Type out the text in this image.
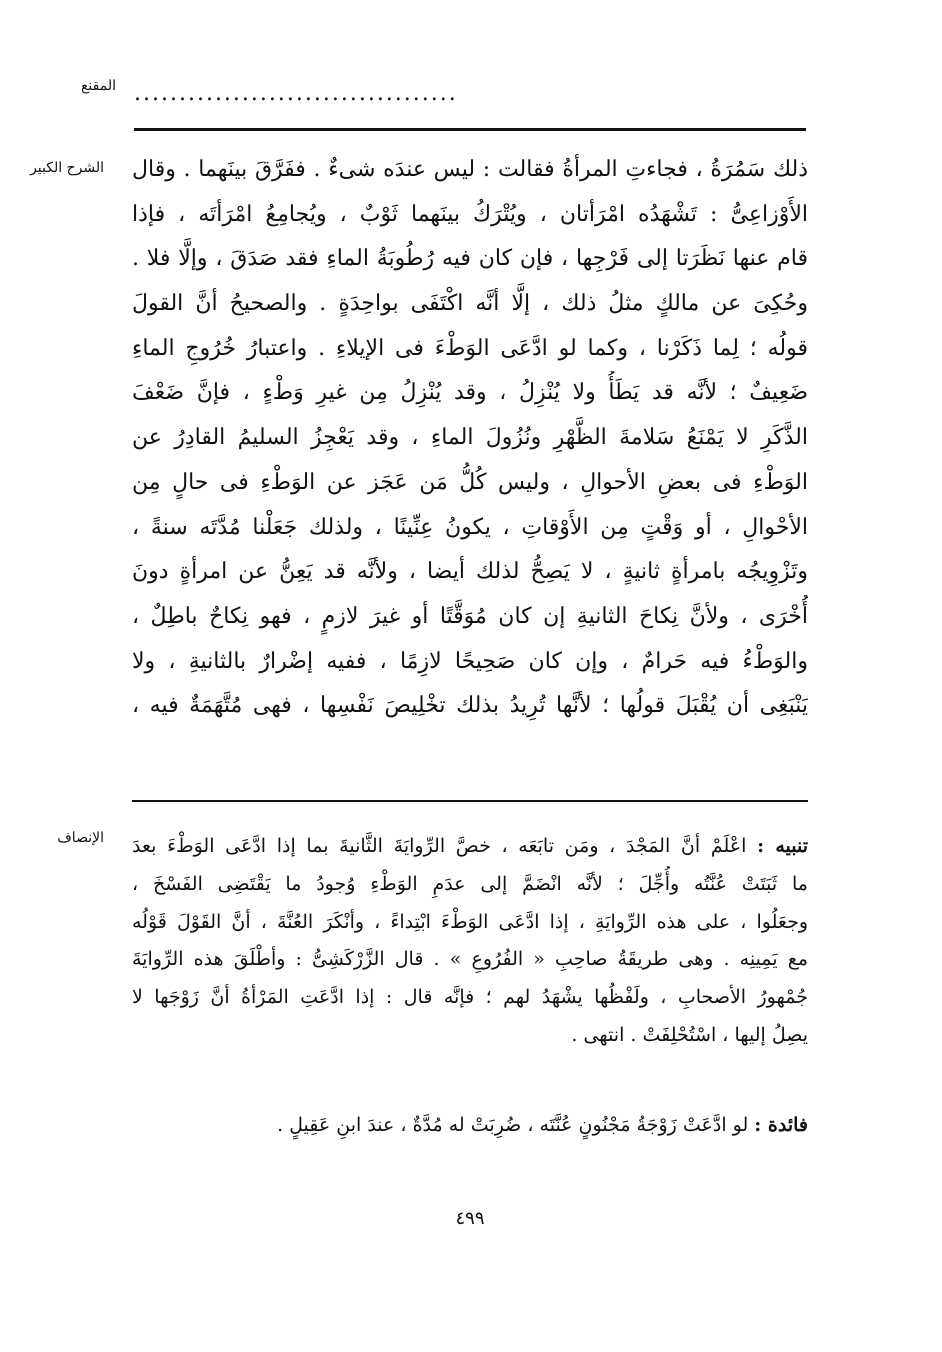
المقنع ....................................
الشرح الكبير
الإنصاف
ذلك سَمُرَةُ ، فجاءتِ المرأةُ فقالت : ليس عندَه شىءٌ . ففَرَّقَ بينَهما . وقال
الأَوْزاعِىُّ : تَشْهَدُه امْرَأتان ، ويُتْرَكُ بينَهما ثَوْبٌ ، ويُجامِعُ امْرَأتَه ، فإذا
قام عنها نَظَرَتا إلى فَرْجِها ، فإن كان فيه رُطُوبَةُ الماءِ فقد صَدَقَ ، وإلَّا فلا .
وحُكِىَ عن مالكٍ مثلُ ذلك ، إلَّا أنَّه اكْتَفَى بواحِدَةٍ . والصحيحُ أنَّ القولَ
قولُه ؛ لِما ذَكَرْنا ، وكما لو ادَّعَى الوَطْءَ فى الإيلاءِ . واعتبارُ خُرُوجِ الماءِ
ضَعِيفٌ ؛ لأنَّه قد يَطَأُ ولا يُنْزِلُ ، وقد يُنْزِلُ مِن غيرِ وَطْءٍ ، فإنَّ ضَعْفَ
الذَّكَرِ لا يَمْنَعُ سَلامةَ الظَّهْرِ ونُزُولَ الماءِ ، وقد يَعْجِزُ السليمُ القادِرُ عن
الوَطْءِ فى بعضِ الأحوالِ ، وليس كُلُّ مَن عَجَز عن الوَطْءِ فى حالٍ مِن
الأحْوالِ ، أو وَقْتٍ مِن الأَوْقاتِ ، يكونُ عِنِّينًا ، ولذلك جَعَلْنا مُدَّتَه سنةً ،
وتَزْوِيجُه بامرأةٍ ثانيةٍ ، لا يَصِحُّ لذلك أيضا ، ولأنَّه قد يَعِنُّ عن امرأةٍ دونَ
أُخْرَى ، ولأنَّ نِكاحَ الثانيةِ إن كان مُوَقَّتًا أو غيرَ لازمٍ ، فهو نِكاحٌ باطِلٌ ،
والوَطْءُ فيه حَرامٌ ، وإن كان صَحِيحًا لازِمًا ، ففيه إضْرارٌ بالثانيةِ ، ولا
يَنْبَغِى أن يُقْبَلَ قولُها ؛ لأنَّها تُرِيدُ بذلك تخْلِيصَ نَفْسِها ، فهى مُتَّهَمَةٌ فيه ،
تنبيه : اعْلَمْ أنَّ المَجْدَ ، ومَن تابَعَه ، خصَّ الرِّوايَةَ الثَّانيةَ بما إذا ادَّعَى الوَطْءَ بعدَ
ما ثَبَتَتْ عُنَّتُه وأُجِّلَ ؛ لأنَّه انْضَمَّ إلى عدَمِ الوَطْءِ وُجودُ ما يَقْتَضِى الفَسْخَ ،
وجعَلُوا ، على هذه الرِّوايَةِ ، إذا ادَّعَى الوَطْءَ ابْتِداءً ، وأنْكَرَ العُنَّةَ ، أنَّ القَوْلَ قَوْلُه
مع يَمِينِه . وهى طريقَةُ صاحِبِ « الفُرُوعِ » . قال الزَّرْكَشِىُّ : وأطْلَقَ هذه الرِّوايَةَ
جُمْهورُ الأصحابِ ، ولَفْظُها يشْهَدُ لهم ؛ فإنَّه قال : إذا ادَّعَتِ المَرْأةُ أنَّ زَوْجَها لا
يصِلُ إليها ، اسْتُحْلِفَتْ . انتهى .
فائدة : لو ادَّعَتْ زَوْجَةُ مَجْنُونٍ عُنَّتَه ، ضُرِبَتْ له مُدَّةٌ ، عندَ ابنِ عَقِيلٍ .
٤٩٩
